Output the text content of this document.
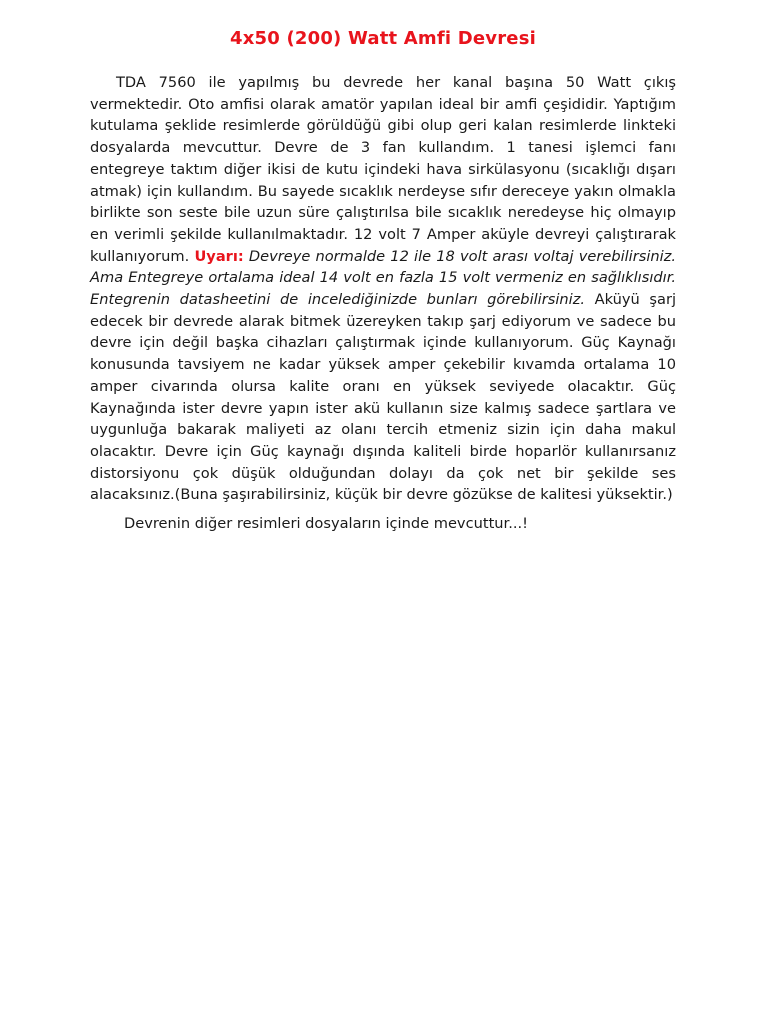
4x50 (200) Watt Amfi Devresi

TDA 7560 ile yapılmış bu devrede her kanal başına 50 Watt çıkış vermektedir. Oto amfisi olarak amatör yapılan ideal bir amfi çeşididir. Yaptığım kutulama şeklide resimlerde görüldüğü gibi olup geri kalan resimlerde linkteki dosyalarda mevcuttur. Devre de 3 fan kullandım. 1 tanesi işlemci fanı entegreye taktım diğer ikisi de kutu içindeki hava sirkülasyonu (sıcaklığı dışarı atmak) için kullandım. Bu sayede sıcaklık nerdeyse sıfır dereceye yakın olmakla birlikte son seste bile uzun süre çalıştırılsa bile sıcaklık neredeyse hiç olmayıp en verimli şekilde kullanılmaktadır. 12 volt 7 Amper aküyle devreyi çalıştırarak kullanıyorum. Uyarı: Devreye normalde 12 ile 18 volt arası voltaj verebilirsiniz. Ama Entegreye ortalama ideal 14 volt en fazla 15 volt vermeniz en sağlıklısıdır. Entegrenin datasheetini de incelediğinizde bunları görebilirsiniz. Aküyü şarj edecek bir devrede alarak bitmek üzereyken takıp şarj ediyorum ve sadece bu devre için değil başka cihazları çalıştırmak içinde kullanıyorum. Güç Kaynağı konusunda tavsiyem ne kadar yüksek amper çekebilir kıvamda ortalama 10 amper civarında olursa kalite oranı en yüksek seviyede olacaktır. Güç Kaynağında ister devre yapın ister akü kullanın size kalmış sadece şartlara ve uygunluğa bakarak maliyeti az olanı tercih etmeniz sizin için daha makul olacaktır. Devre için Güç kaynağı dışında kaliteli birde hoparlör kullanırsanız distorsiyonu çok düşük olduğundan dolayı da çok net bir şekilde ses alacaksınız.(Buna şaşırabilirsiniz, küçük bir devre gözükse de kalitesi yüksektir.)

Devrenin diğer resimleri dosyaların içinde mevcuttur...!
